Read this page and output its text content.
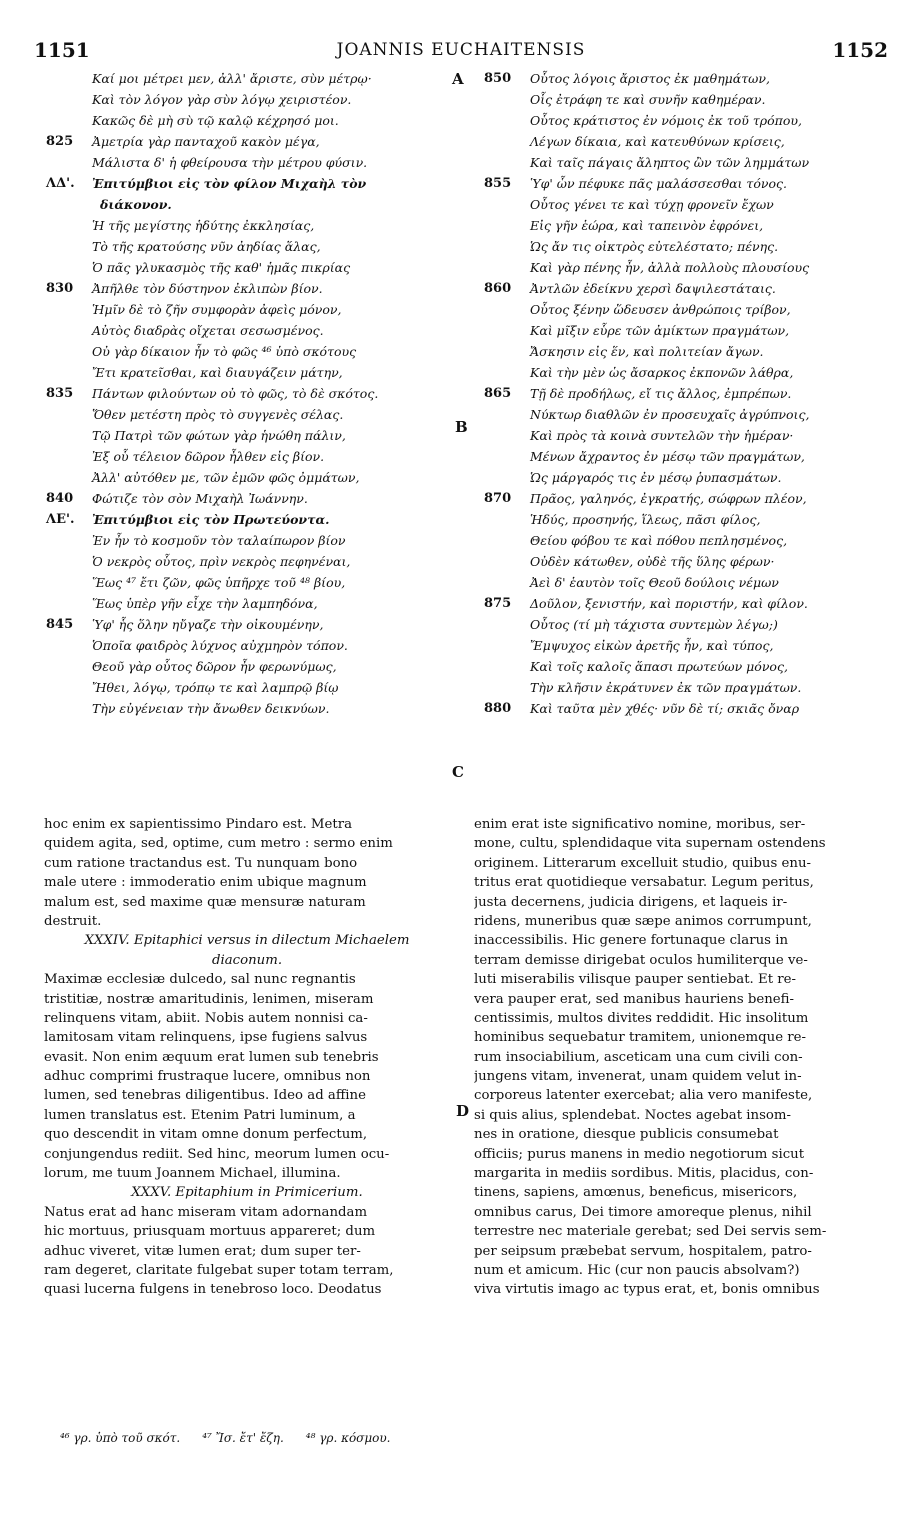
1151	JOANNIS EUCHAITENSIS	1152
Καί μοι μέτρει μεν, ἀλλ' ἄριστε, σὺν μέτρῳ·
Καὶ τὸν λόγον γὰρ σὺν λόγῳ χειριστέον.
Κακῶς δὲ μὴ σὺ τῷ καλῷ κέχρησό μοι.
825 Ἀμετρία γὰρ πανταχοῦ κακὸν μέγα,
Μάλιστα δ' ἡ φθείρουσα τὴν μέτρου φύσιν.
ΛΔ'. Ἐπιτύμβιοι εἰς τὸν φίλον Μιχαὴλ τὸν
διάκονον.
Ἡ τῆς μεγίστης ἡδύτης ἐκκλησίας,
Τὸ τῆς κρατούσης νῦν ἀηδίας ἅλας,
Ὁ πᾶς γλυκασμὸς τῆς καθ' ἡμᾶς πικρίας
830 Ἀπῆλθε τὸν δύστηνον ἐκλιπὼν βίον.
Ἡμῖν δὲ τὸ ζῆν συμφορὰν ἀφεὶς μόνον,
Αὐτὸς διαδρὰς οἴχεται σεσωσμένος.
Οὐ γὰρ δίκαιον ἦν τὸ φῶς ⁴⁶ ὑπὸ σκότους
Ἔτι κρατεῖσθαι, καὶ διαυγάζειν μάτην,
835 Πάντων φιλούντων οὐ τὸ φῶς, τὸ δὲ σκότος.
Ὅθεν μετέστη πρὸς τὸ συγγενὲς σέλας.
Τῷ Πατρὶ τῶν φώτων γὰρ ἡνώθη πάλιν,
Ἐξ οὗ τέλειον δῶρον ἦλθεν εἰς βίον.
Ἀλλ' αὐτόθεν με, τῶν ἐμῶν φῶς ὀμμάτων,
840 Φώτιζε τὸν σὸν Μιχαὴλ Ἰωάννην.
ΛΕ'. Ἐπιτύμβιοι εἰς τὸν Πρωτεύοντα.
Ἐν ἦν τὸ κοσμοῦν τὸν ταλαίπωρον βίον
Ὁ νεκρὸς οὗτος, πρὶν νεκρὸς πεφηνέναι,
Ἕως ⁴⁷ ἔτι ζῶν, φῶς ὑπῆρχε τοῦ ⁴⁸ βίου,
Ἕως ὑπὲρ γῆν εἶχε τὴν λαμπηδόνα,
845 Ὑφ' ἧς ὅλην ηὔγαζε τὴν οἰκουμένην,
Ὁποῖα φαιδρὸς λύχνος αὐχμηρὸν τόπον.
Θεοῦ γὰρ οὗτος δῶρον ἦν φερωνύμως,
Ἤθει, λόγῳ, τρόπῳ τε καὶ λαμπρῷ βίῳ
Τὴν εὐγένειαν τὴν ἄνωθεν δεικνύων.
850 Οὗτος λόγοις ἄριστος ἐκ μαθημάτων,
Οἷς ἐτράφη τε καὶ συνῆν καθημέραν.
Οὗτος κράτιστος ἐν νόμοις ἐκ τοῦ τρόπου,
Λέγων δίκαια, καὶ κατευθύνων κρίσεις,
Καὶ ταῖς πάγαις ἄληπτος ὢν τῶν λημμάτων
855 Ὑφ' ὧν πέφυκε πᾶς μαλάσσεσθαι τόνος.
Οὗτος γένει τε καὶ τύχῃ φρονεῖν ἔχων
Εἰς γῆν ἑώρα, καὶ ταπεινὸν ἐφρόνει,
Ὡς ἄν τις οἰκτρὸς εὐτελέστατο; πένης.
Καὶ γὰρ πένης ἦν, ἀλλὰ πολλοὺς πλουσίους
860 Ἀντλῶν ἐδείκνυ χερσὶ δαψιλεστάταις.
Οὗτος ξένην ὥδευσεν ἀνθρώποις τρίβον,
Καὶ μῖξιν εὗρε τῶν ἀμίκτων πραγμάτων,
Ἄσκησιν εἰς ἕν, καὶ πολιτείαν ἄγων.
Καὶ τὴν μὲν ὡς ἄσαρκος ἐκπονῶν λάθρα,
865 Τῇ δὲ προδήλως, εἴ τις ἄλλος, ἐμπρέπων.
Νύκτωρ διαθλῶν ἐν προσευχαῖς ἀγρύπνοις,
Καὶ πρὸς τὰ κοινὰ συντελῶν τὴν ἡμέραν·
Μένων ἄχραντος ἐν μέσῳ τῶν πραγμάτων,
Ὡς μάργαρός τις ἐν μέσῳ ῥυπασμάτων.
870 Πρᾶος, γαληνός, ἐγκρατής, σώφρων πλέον,
Ἡδύς, προσηνής, ἵλεως, πᾶσι φίλος,
Θείου φόβου τε καὶ πόθου πεπλησμένος,
Οὐδὲν κάτωθεν, οὐδὲ τῆς ὕλης φέρων·
Ἀεὶ δ' ἑαυτὸν τοῖς Θεοῦ δούλοις νέμων
875 Δοῦλον, ξενιστήν, καὶ ποριστήν, καὶ φίλον.
Οὗτος (τί μὴ τάχιστα συντεμὼν λέγω;)
Ἔμψυχος εἰκὼν ἀρετῆς ἦν, καὶ τύπος,
Καὶ τοῖς καλοῖς ἅπασι πρωτεύων μόνος,
Τὴν κλῆσιν ἐκράτυνεν ἐκ τῶν πραγμάτων.
880 Καὶ ταῦτα μὲν χθές· νῦν δὲ τί; σκιᾶς ὄναρ
A
B
C
D
hoc enim ex sapientissimo Pindaro est. Metra
quidem agita, sed, optime, cum metro : sermo enim
cum ratione tractandus est. Tu nunquam bono
male utere : immoderatio enim ubique magnum
malum est, sed maxime quæ mensuræ naturam
destruit.
XXXIV. Epitaphici versus in dilectum Michaelem
diaconum.
Maximæ ecclesiæ dulcedo, sal nunc regnantis
tristitiæ, nostræ amaritudinis, lenimen, miseram
relinquens vitam, abiit. Nobis autem nonnisi ca-
lamitosam vitam relinquens, ipse fugiens salvus
evasit. Non enim æquum erat lumen sub tenebris
adhuc comprimi frustraque lucere, omnibus non
lumen, sed tenebras diligentibus. Ideo ad affine
lumen translatus est. Etenim Patri luminum, a
quo descendit in vitam omne donum perfectum,
conjungendus rediit. Sed hinc, meorum lumen ocu-
lorum, me tuum Joannem Michael, illumina.
XXXV. Epitaphium in Primicerium.
Natus erat ad hanc miseram vitam adornandam
hic mortuus, priusquam mortuus appareret; dum
adhuc viveret, vitæ lumen erat; dum super ter-
ram degeret, claritate fulgebat super totam terram,
quasi lucerna fulgens in tenebroso loco. Deodatus
enim erat iste significativo nomine, moribus, ser-
mone, cultu, splendidaque vita supernam ostendens
originem. Litterarum excelluit studio, quibus enu-
tritus erat quotidieque versabatur. Legum peritus,
justa decernens, judicia dirigens, et laqueis ir-
ridens, muneribus quæ sæpe animos corrumpunt,
inaccessibilis. Hic genere fortunaque clarus in
terram demisse dirigebat oculos humiliterque ve-
luti miserabilis vilisque pauper sentiebat. Et re-
vera pauper erat, sed manibus hauriens benefi-
centissimis, multos divites reddidit. Hic insolitum
hominibus sequebatur tramitem, unionemque re-
rum insociabilium, asceticam una cum civili con-
jungens vitam, invenerat, unam quidem velut in-
corporeus latenter exercebat; alia vero manifeste,
si quis alius, splendebat. Noctes agebat insom-
nes in oratione, diesque publicis consumebat
officiis; purus manens in medio negotiorum sicut
margarita in mediis sordibus. Mitis, placidus, con-
tinens, sapiens, amœnus, beneficus, misericors,
omnibus carus, Dei timore amoreque plenus, nihil
terrestre nec materiale gerebat; sed Dei servis sem-
per seipsum præbebat servum, hospitalem, patro-
num et amicum. Hic (cur non paucis absolvam?)
viva virtutis imago ac typus erat, et, bonis omnibus
⁴⁶ γρ. ὑπὸ τοῦ σκότ. ⁴⁷ Ἴσ. ἔτ' ἔζη. ⁴⁸ γρ. κόσμου.
